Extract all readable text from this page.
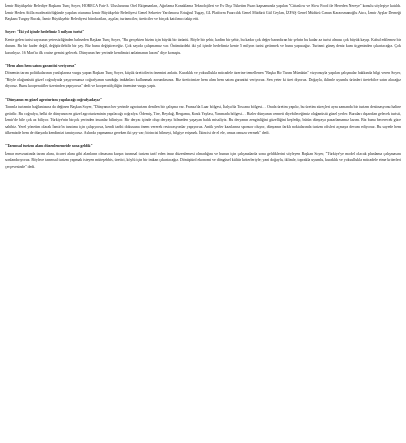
İzmir Büyükşehir Belediye Başkanı Tunç Soyer, HORECA Fair-3. Uluslararası Otel Ekipmanları, Ağırlama Konaklama Teknolojileri ve Ev Dışı Tüketim Fuarı kapsamında yapılan "Cittaslow ve Slow Food ile Hereden Nereye" konulu söyleşiye katıldı. İzmir Heden Atilla moderatörlüğünde yapılan oturuma İzmir Büyükşehir Belediyesi Genel Sekreter Yardımcısı Ertuğrul Tugay, GL Platform Fuarcılık Genel Müdürü Gül Ceylan, İZFAŞ Genel Müdürü Canan Karaosmanoğlu Atıcı, İzmir Ayşlar Derneği Başkanı Turgay Bucak, İzmir Büyükşehir Belediyesi bürokratları, aşçılar, turizmciler, üreticiler ve birçok katılımcı takip etti.

Soyer: "İki yıl içinde hedefimiz 5 milyon turist"

Kente gelen turist sayısının yetersizliğinden bahseden Başkan Tunç Soyer, "Bu gerçekten bizim için büyük bir üzüntü. Böyle bir şehir, kadim bir şehir, bu kadar çok değer barındıran bir şehrin bu kadar az turist alması çok büyük kayıp. Kabul edilemez bir durum. Bu bir kader değil, değiştirilebilir bir şey. Biz bunu değiştireceğiz. Çok sayıda çalışmamız var. Önümüzdeki iki yıl içinde hedefimiz kente 5 milyon turist getirmek ve bunu yapacağız. Turizmi güneş deniz kum üçgeninden çıkartacağız. Çok kararlıyız. 16 Mart'ta ilk cruise gemisi gelecek. Dünyanın her yerinde kendimizi anlatmanın lazım" diye konuştu.

"Hem alım hem satım garantisi veriyoruz"

Dönemin tarım politikalarının yanlışlarına vurgu yapan Başkan Tunç Soyer, küçük üreticilerin önemini anlattı. Kuraklık ve yoksullukla mücadele üzerine temellenen "Başka Bir Tarım Mümkün" vizyonuyla yapılan çalışmalar hakkında bilgi veren Soyer, "Böyle olağanüstü güzel coğrafyada yaşıyorsunuz coğrafyanın sunduğu imkânları kullanmak zorundasınız. Biz üreticimize hem alım hem satım garantisi veriyoruz. Sen yeter ki üret diyoruz. Doğayla, iklimle uyumlu ürünleri üretebilce satın alacağız diyoruz. Bunu kooperatifler üzerinden yapıyoruz" dedi ve kooperatifçiliğin önemine vurgu yaptı.

"Dünyanın en güzel agroturizm yapılacağı coğrafyadayız"

Tarımla turizmin bağlantısına da değinen Başkan Soyer, "Dünyanın her yerinde agroturizm denilen bir çalışma var. Fransa'da Luar bölgesi, İtalya'da Toscana bölgesi… Orada üretim yapılır, bu üretim süreçleri aynı zamanda bir turizm destinasyonu haline getirilir. Bu coğrafya, belki de dünyanın en güzel agroturizminin yapılacağı coğrafya. Ödemiş, Tire, Beydağ, Bergama, Kınık Yaylası, Yarımada bölgesi… Bizler dünyanın cenneti diyebileceğimiz olağanüstü güzel yerler. Buraları dışarıdan gelecek turisti, İzmir'de bile çok az biliyor. Türkiye'nin birçok yerinden insanlar biliniyor. Bir deryaı içinde olup deryayı bilmeden yaşayan balık misaliyiz. Bu deryanın zenginliğini güzelliğini keşfedip, bütün dünyaya pazarlamamız lazım. Biz bunu becerecek güce sahibiz. Yerel yönetim olarak İzmir'in tanıtımı için çalışıyoruz, kendi tarihi dokusuna önem vererek restorasyonlar yapıyoruz. Antik yerler kazılarına sponsor oluyor, dünyanın farklı noktalarında turizm ofisleri açmaya devam ediyoruz. Bu sayede hem ülkemizde hem de dünyada kendimizi tanıtıyoruz. Aslında yapmamız gereken iki şey var; birincisi bilmeyi, bilgiye erişmek. İkincisi de el ele, omuz omuza vermek" dedi.

"Tarımsal turizm alanı düzenlenemeide sona geldik"

İzmar mevzuatında tarım alanı, ticaret alanı gibi alanların olmasına karşın tarımsal turizm tarif eden imar düzenlemesi olmadığını ve bunun için çalışmalarda sona geldiklerini söyleyen Başkan Soyer, "Türkiye'ye model olacak planlama çalışmasını sonlandırıyoruz. Böylece tarımsal turizm yapmak isteyen müteşebbis, üretici, köylü için bir imkan çıkartacağız. Dönüştürd ekonomi ve döngüsel kültür kriterleriyle; yani doğayla, iklimle, toprakla uyumlu, kuraklık ve yoksullukla mücadele eime kriterleri çerçevesinde" dedi.
